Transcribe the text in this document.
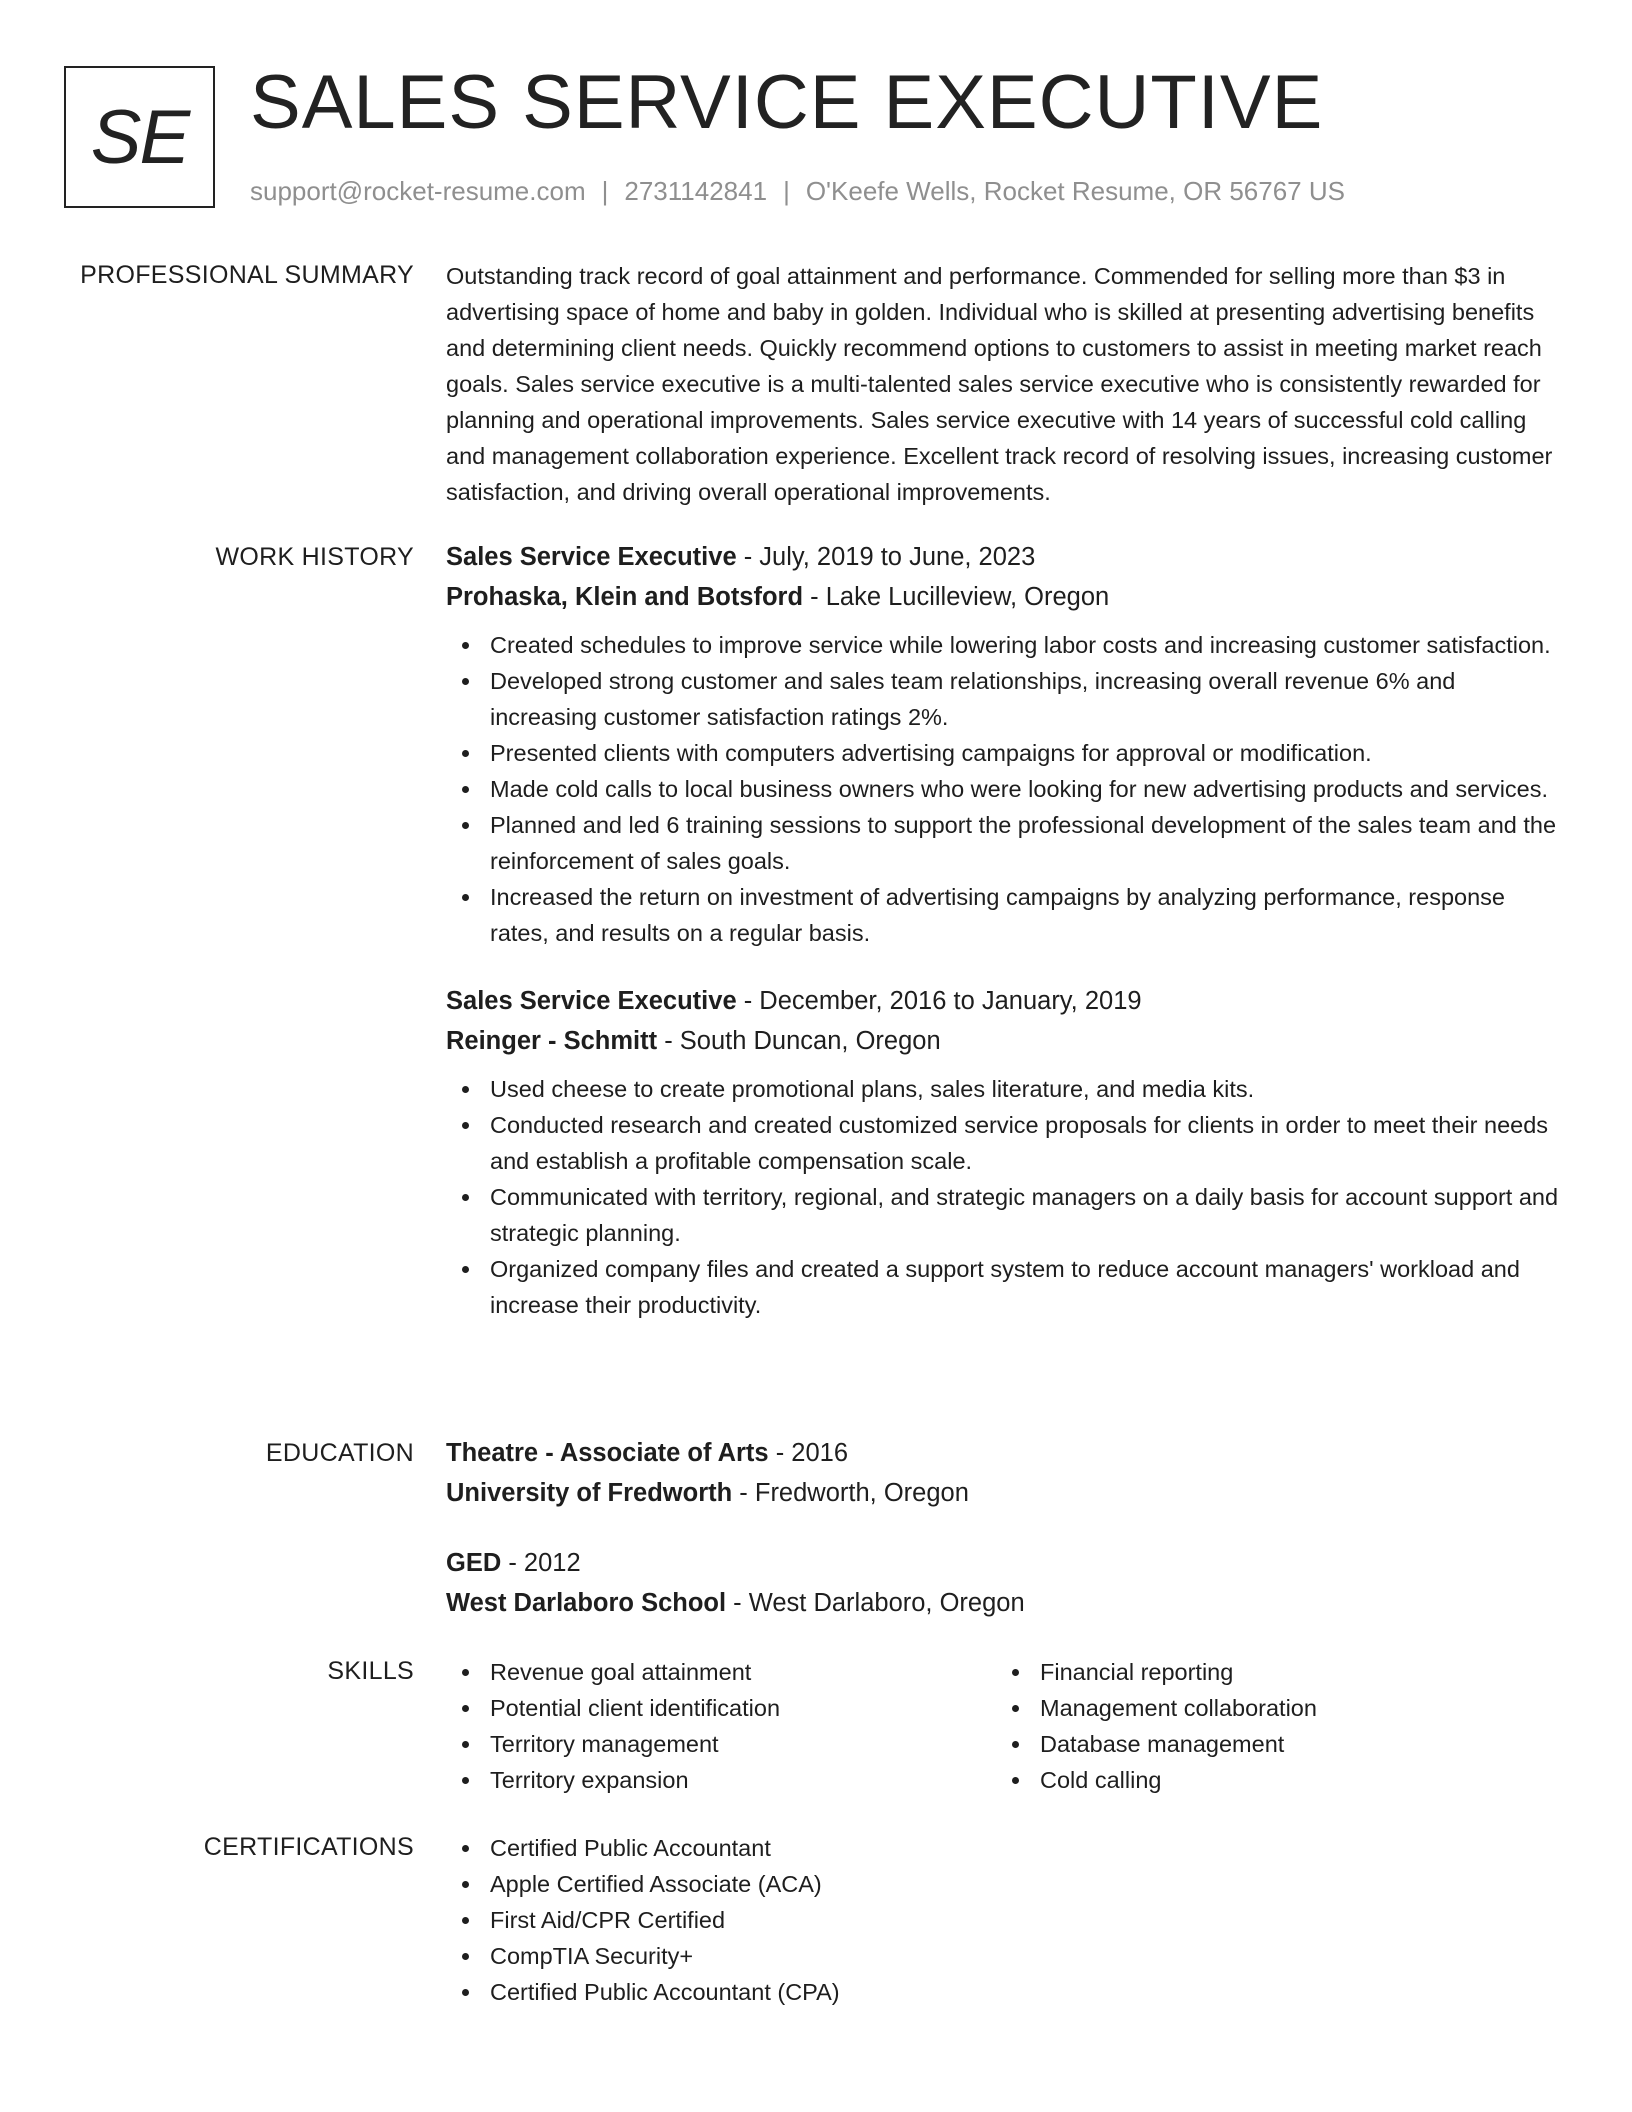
SE SALES SERVICE EXECUTIVE
support@rocket-resume.com | 2731142841 | O'Keefe Wells, Rocket Resume, OR 56767 US
PROFESSIONAL SUMMARY Outstanding track record of goal attainment and performance. Commended for selling more than $3 in advertising space of home and baby in golden. Individual who is skilled at presenting advertising benefits and determining client needs. Quickly recommend options to customers to assist in meeting market reach goals. Sales service executive is a multi-talented sales service executive who is consistently rewarded for planning and operational improvements. Sales service executive with 14 years of successful cold calling and management collaboration experience. Excellent track record of resolving issues, increasing customer satisfaction, and driving overall operational improvements.

WORK HISTORY Sales Service Executive - July, 2019 to June, 2023
Prohaska, Klein and Botsford - Lake Lucilleview, Oregon
Created schedules to improve service while lowering labor costs and increasing customer satisfaction.
Developed strong customer and sales team relationships, increasing overall revenue 6% and increasing customer satisfaction ratings 2%.
Presented clients with computers advertising campaigns for approval or modification.
Made cold calls to local business owners who were looking for new advertising products and services.
Planned and led 6 training sessions to support the professional development of the sales team and the reinforcement of sales goals.
Increased the return on investment of advertising campaigns by analyzing performance, response rates, and results on a regular basis.
Sales Service Executive - December, 2016 to January, 2019
Reinger - Schmitt - South Duncan, Oregon
Used cheese to create promotional plans, sales literature, and media kits.
Conducted research and created customized service proposals for clients in order to meet their needs and establish a profitable compensation scale.
Communicated with territory, regional, and strategic managers on a daily basis for account support and strategic planning.
Organized company files and created a support system to reduce account managers' workload and increase their productivity.
EDUCATION Theatre - Associate of Arts - 2016
University of Fredworth - Fredworth, Oregon
GED - 2012
West Darlaboro School - West Darlaboro, Oregon
SKILLS	Revenue goal attainment
Potential client identification
Territory management
Territory expansion
Financial reporting
Management collaboration
Database management
Cold calling
CERTIFICATIONS	Certified Public Accountant
Apple Certified Associate (ACA)
First Aid/CPR Certified
CompTIA Security+
Certified Public Accountant (CPA)
